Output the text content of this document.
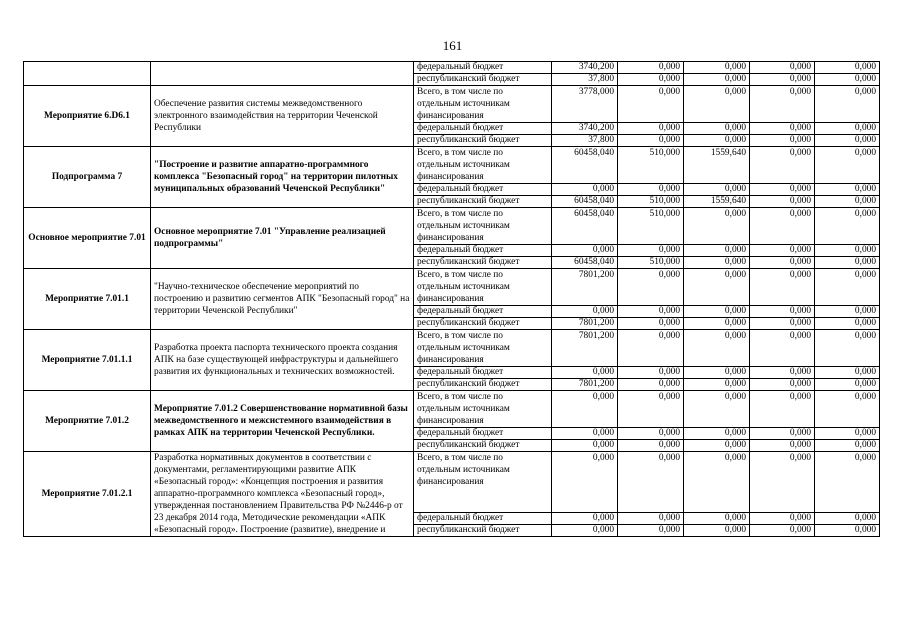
161
		федеральный бюджет	3740,200	0,000	0,000	0,000	0,000
		республиканский бюджет	37,800	0,000	0,000	0,000	0,000
Мероприятие 6.D6.1	Обеспечение развития системы межведомственного электронного взаимодействия на территории Чеченской Республики	Всего, в том числе по отдельным источникам финансирования	3778,000	0,000	0,000	0,000	0,000
		федеральный бюджет	3740,200	0,000	0,000	0,000	0,000
		республиканский бюджет	37,800	0,000	0,000	0,000	0,000
Подпрограмма 7	"Построение и развитие аппаратно-программного комплекса "Безопасный город" на территории пилотных муниципальных образований Чеченской Республики"	Всего, в том числе по отдельным источникам финансирования	60458,040	510,000	1559,640	0,000	0,000
		федеральный бюджет	0,000	0,000	0,000	0,000	0,000
		республиканский бюджет	60458,040	510,000	1559,640	0,000	0,000
Основное мероприятие 7.01	Основное мероприятие 7.01 "Управление реализацией подпрограммы"	Всего, в том числе по отдельным источникам финансирования	60458,040	510,000	0,000	0,000	0,000
		федеральный бюджет	0,000	0,000	0,000	0,000	0,000
		республиканский бюджет	60458,040	510,000	0,000	0,000	0,000
Мероприятие 7.01.1	"Научно-техническое обеспечение мероприятий по построению и развитию сегментов АПК "Безопасный город" на территории Чеченской Республики"	Всего, в том числе по отдельным источникам финансирования	7801,200	0,000	0,000	0,000	0,000
		федеральный бюджет	0,000	0,000	0,000	0,000	0,000
		республиканский бюджет	7801,200	0,000	0,000	0,000	0,000
Мероприятие 7.01.1.1	Разработка проекта паспорта технического проекта создания АПК на базе существующей инфраструктуры и дальнейшего развития их функциональных и технических возможностей.	Всего, в том числе по отдельным источникам финансирования	7801,200	0,000	0,000	0,000	0,000
		федеральный бюджет	0,000	0,000	0,000	0,000	0,000
		республиканский бюджет	7801,200	0,000	0,000	0,000	0,000
Мероприятие 7.01.2	Мероприятие 7.01.2 Совершенствование нормативной базы межведомственного и межсистемного взаимодействия в рамках АПК на территории Чеченской Республики.	Всего, в том числе по отдельным источникам финансирования	0,000	0,000	0,000	0,000	0,000
		федеральный бюджет	0,000	0,000	0,000	0,000	0,000
		республиканский бюджет	0,000	0,000	0,000	0,000	0,000
Мероприятие 7.01.2.1	Разработка нормативных документов в соответствии с документами, регламентирующими развитие АПК «Безопасный город»: «Концепция построения и развития аппаратно-программного комплекса «Безопасный город», утвержденная постановлением Правительства РФ №2446-р от 23 декабря 2014 года, Методические рекомендации «АПК «Безопасный город». Построение (развитие), внедрение и	Всего, в том числе по отдельным источникам финансирования	0,000	0,000	0,000	0,000	0,000
		федеральный бюджет	0,000	0,000	0,000	0,000	0,000
		республиканский бюджет	0,000	0,000	0,000	0,000	0,000
